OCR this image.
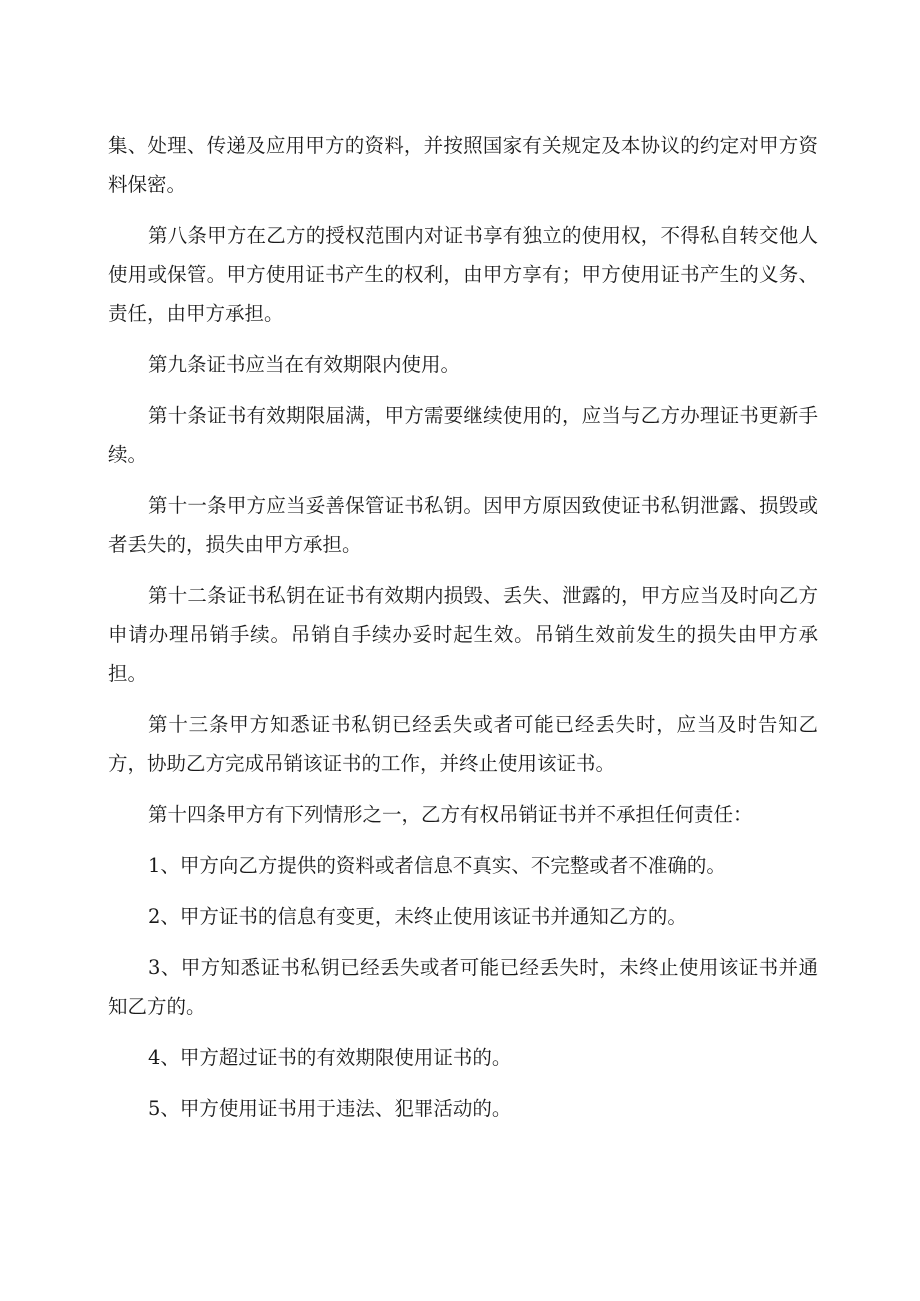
集、处理、传递及应用甲方的资料，并按照国家有关规定及本协议的约定对甲方资料保密。

第八条甲方在乙方的授权范围内对证书享有独立的使用权，不得私自转交他人使用或保管。甲方使用证书产生的权利，由甲方享有；甲方使用证书产生的义务、责任，由甲方承担。

第九条证书应当在有效期限内使用。

第十条证书有效期限届满，甲方需要继续使用的，应当与乙方办理证书更新手续。

第十一条甲方应当妥善保管证书私钥。因甲方原因致使证书私钥泄露、损毁或者丢失的，损失由甲方承担。

第十二条证书私钥在证书有效期内损毁、丢失、泄露的，甲方应当及时向乙方申请办理吊销手续。吊销自手续办妥时起生效。吊销生效前发生的损失由甲方承担。

第十三条甲方知悉证书私钥已经丢失或者可能已经丢失时，应当及时告知乙方，协助乙方完成吊销该证书的工作，并终止使用该证书。

第十四条甲方有下列情形之一，乙方有权吊销证书并不承担任何责任：

1、甲方向乙方提供的资料或者信息不真实、不完整或者不准确的。

2、甲方证书的信息有变更，未终止使用该证书并通知乙方的。

3、甲方知悉证书私钥已经丢失或者可能已经丢失时，未终止使用该证书并通知乙方的。

4、甲方超过证书的有效期限使用证书的。

5、甲方使用证书用于违法、犯罪活动的。
